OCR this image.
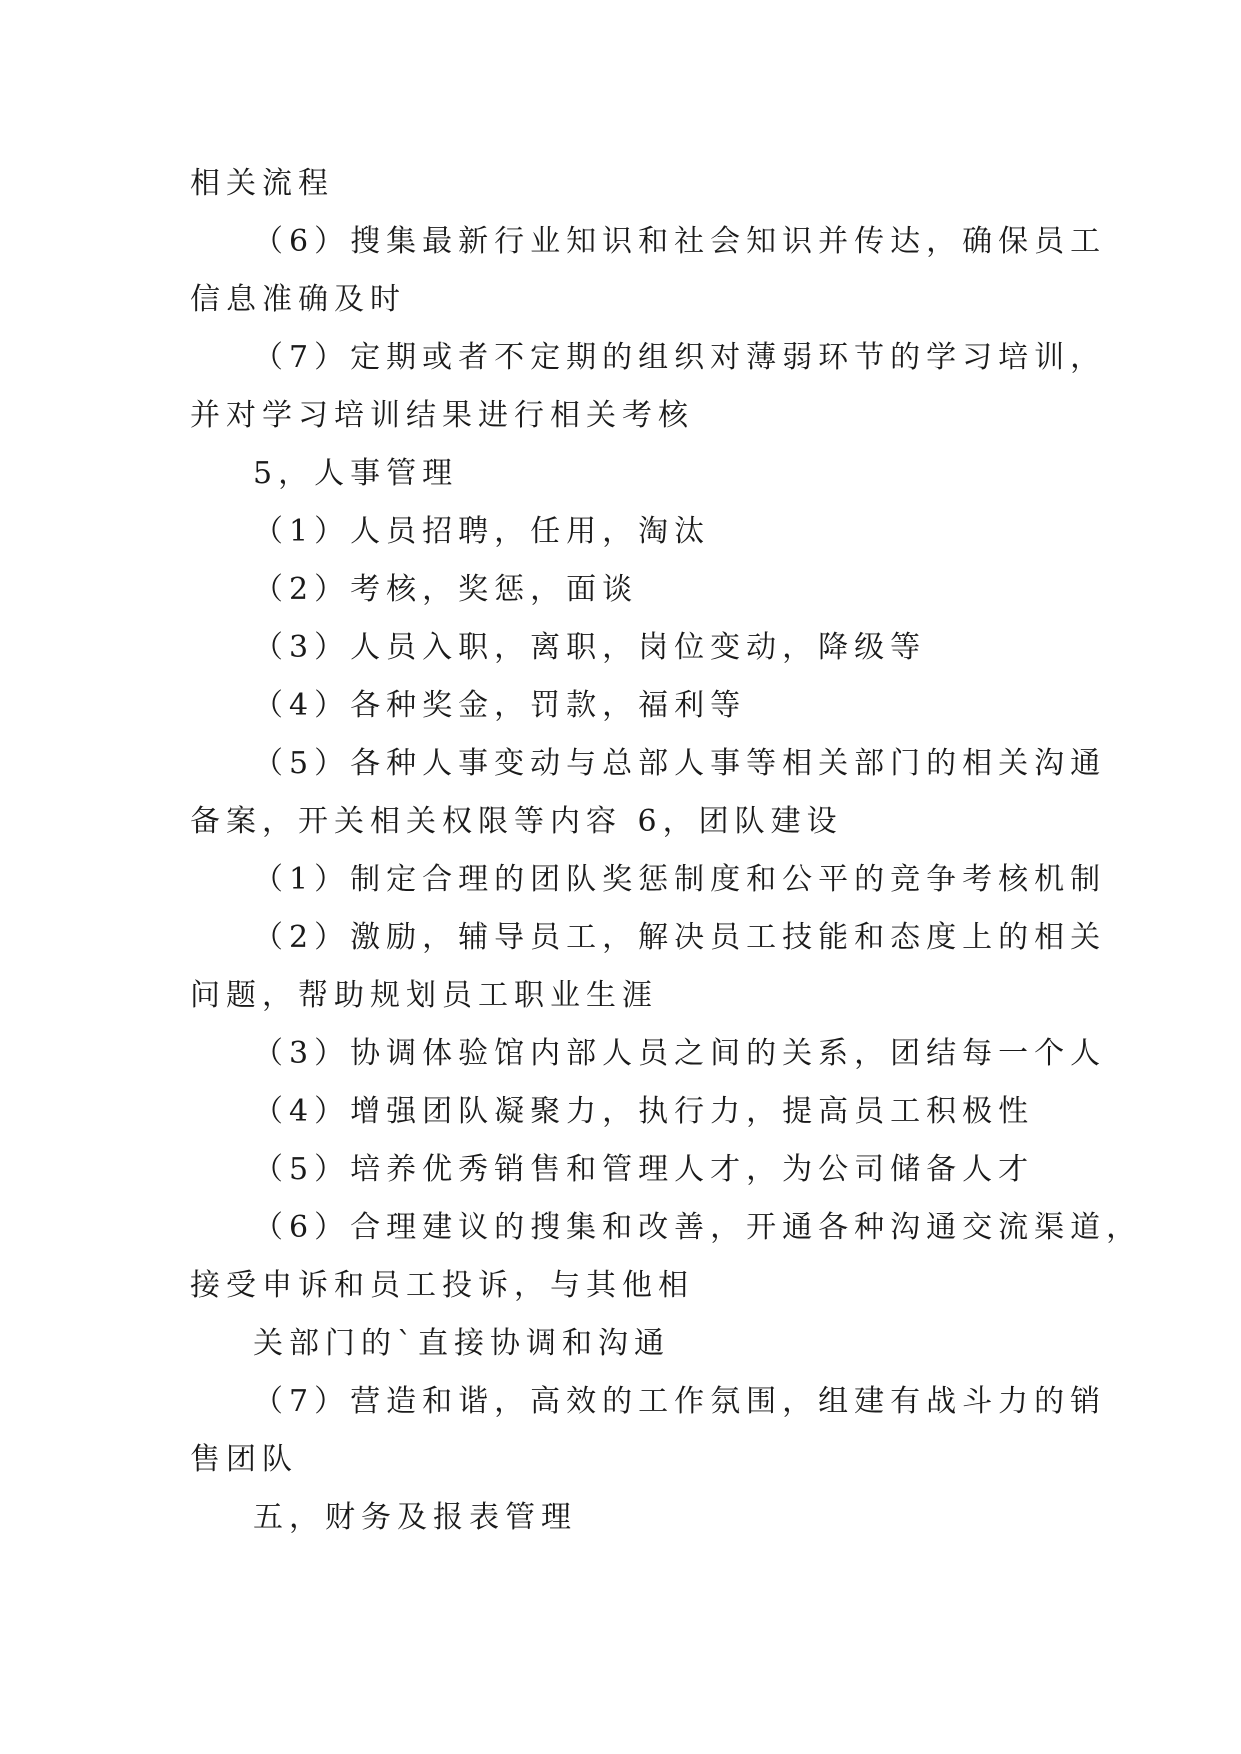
相关流程
（6）搜集最新行业知识和社会知识并传达，确保员工
信息准确及时
（7）定期或者不定期的组织对薄弱环节的学习培训，
并对学习培训结果进行相关考核
5，人事管理
（1）人员招聘，任用，淘汰
（2）考核，奖惩，面谈
（3）人员入职，离职，岗位变动，降级等
（4）各种奖金，罚款，福利等
（5）各种人事变动与总部人事等相关部门的相关沟通
备案，开关相关权限等内容 6，团队建设
（1）制定合理的团队奖惩制度和公平的竞争考核机制
（2）激励，辅导员工，解决员工技能和态度上的相关
问题，帮助规划员工职业生涯
（3）协调体验馆内部人员之间的关系，团结每一个人
（4）增强团队凝聚力，执行力，提高员工积极性
（5）培养优秀销售和管理人才，为公司储备人才
（6）合理建议的搜集和改善，开通各种沟通交流渠道，
接受申诉和员工投诉，与其他相
关部门的`直接协调和沟通
（7）营造和谐，高效的工作氛围，组建有战斗力的销
售团队
五，财务及报表管理
